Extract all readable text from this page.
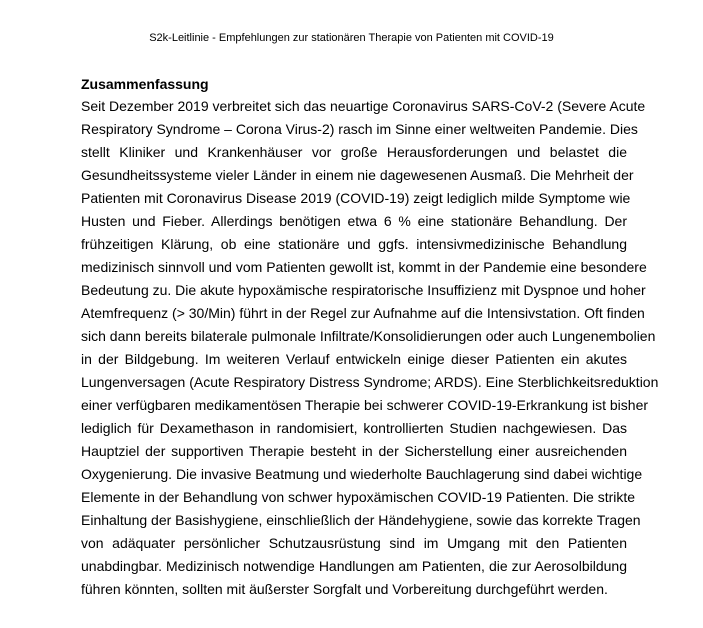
S2k-Leitlinie - Empfehlungen zur stationären Therapie von Patienten mit COVID-19
Zusammenfassung
Seit Dezember 2019 verbreitet sich das neuartige Coronavirus SARS-CoV-2 (Severe Acute
Respiratory Syndrome – Corona Virus-2) rasch im Sinne einer weltweiten Pandemie. Dies
stellt Kliniker und Krankenhäuser vor große Herausforderungen und belastet die
Gesundheitssysteme vieler Länder in einem nie dagewesenen Ausmaß. Die Mehrheit der
Patienten mit Coronavirus Disease 2019 (COVID-19) zeigt lediglich milde Symptome wie
Husten und Fieber. Allerdings benötigen etwa 6 % eine stationäre Behandlung. Der
frühzeitigen Klärung, ob eine stationäre und ggfs. intensivmedizinische Behandlung
medizinisch sinnvoll und vom Patienten gewollt ist, kommt in der Pandemie eine besondere
Bedeutung zu. Die akute hypoxämische respiratorische Insuffizienz mit Dyspnoe und hoher
Atemfrequenz (> 30/Min) führt in der Regel zur Aufnahme auf die Intensivstation. Oft finden
sich dann bereits bilaterale pulmonale Infiltrate/Konsolidierungen oder auch Lungenembolien
in der Bildgebung. Im weiteren Verlauf entwickeln einige dieser Patienten ein akutes
Lungenversagen (Acute Respiratory Distress Syndrome; ARDS). Eine Sterblichkeitsreduktion
einer verfügbaren medikamentösen Therapie bei schwerer COVID-19-Erkrankung ist bisher
lediglich für Dexamethason in randomisiert, kontrollierten Studien nachgewiesen. Das
Hauptziel der supportiven Therapie besteht in der Sicherstellung einer ausreichenden
Oxygenierung. Die invasive Beatmung und wiederholte Bauchlagerung sind dabei wichtige
Elemente in der Behandlung von schwer hypoxämischen COVID-19 Patienten. Die strikte
Einhaltung der Basishygiene, einschließlich der Händehygiene, sowie das korrekte Tragen
von adäquater persönlicher Schutzausrüstung sind im Umgang mit den Patienten
unabdingbar. Medizinisch notwendige Handlungen am Patienten, die zur Aerosolbildung
führen könnten, sollten mit äußerster Sorgfalt und Vorbereitung durchgeführt werden.
